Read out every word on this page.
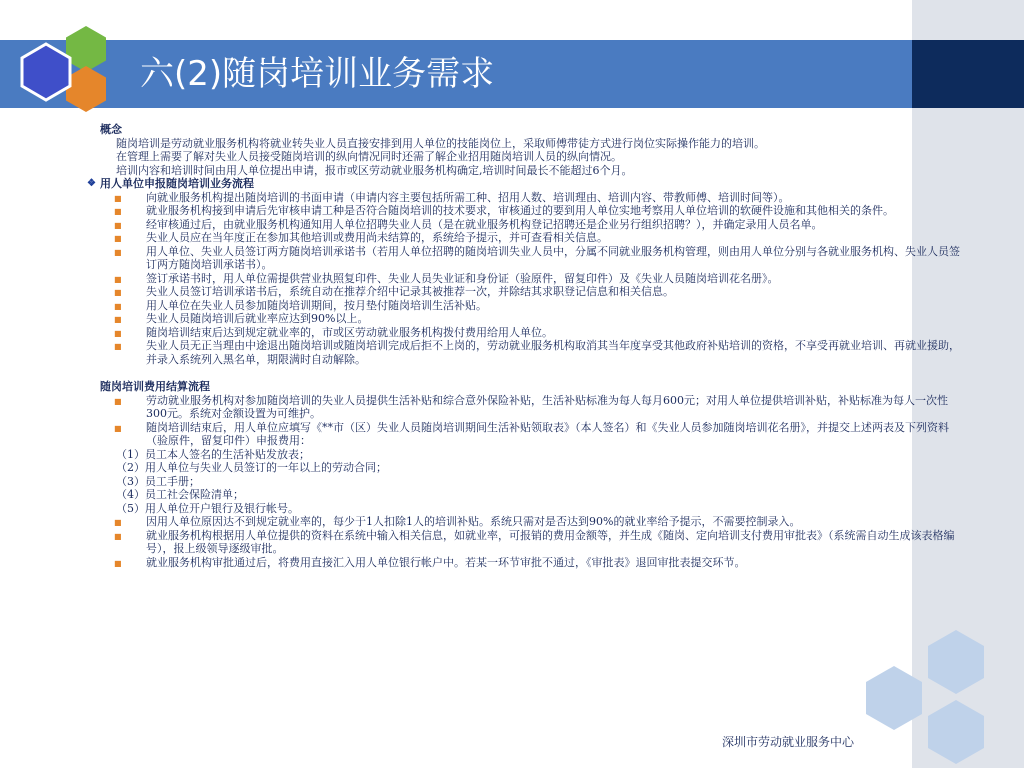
六(2)随岗培训业务需求
概念
随岗培训是劳动就业服务机构将就业转失业人员直接安排到用人单位的技能岗位上，采取师傅带徒方式进行岗位实际操作能力的培训。
在管理上需要了解对失业人员接受随岗培训的纵向情况同时还需了解企业招用随岗培训人员的纵向情况。
培训内容和培训时间由用人单位提出申请，报市或区劳动就业服务机构确定,培训时间最长不能超过6个月。
❖ 用人单位申报随岗培训业务流程
■ 向就业服务机构提出随岗培训的书面申请（申请内容主要包括所需工种、招用人数、培训理由、培训内容、带教师傅、培训时间等）。
■ 就业服务机构接到申请后先审核申请工种是否符合随岗培训的技术要求，审核通过的要到用人单位实地考察用人单位培训的软硬件设施和其他相关的条件。
■ 经审核通过后，由就业服务机构通知用人单位招聘失业人员（是在就业服务机构登记招聘还是企业另行组织招聘？），并确定录用人员名单。
■ 失业人员应在当年度正在参加其他培训或费用尚未结算的，系统给予提示，并可查看相关信息。
■ 用人单位、失业人员签订两方随岗培训承诺书（若用人单位招聘的随岗培训失业人员中，分属不同就业服务机构管理，则由用人单位分别与各就业服务机构、失业人员签订两方随岗培训承诺书）。
■ 签订承诺书时，用人单位需提供营业执照复印件、失业人员失业证和身份证（验原件，留复印件）及《失业人员随岗培训花名册》。
■ 失业人员签订培训承诺书后，系统自动在推荐介绍中记录其被推荐一次，并除结其求职登记信息和相关信息。
■ 用人单位在失业人员参加随岗培训期间，按月垫付随岗培训生活补贴。
■ 失业人员随岗培训后就业率应达到90%以上。
■ 随岗培训结束后达到规定就业率的，市或区劳动就业服务机构拨付费用给用人单位。
■ 失业人员无正当理由中途退出随岗培训或随岗培训完成后拒不上岗的，劳动就业服务机构取消其当年度享受其他政府补贴培训的资格，不享受再就业培训、再就业援助，并录入系统列入黑名单，期限满时自动解除。
随岗培训费用结算流程
■ 劳动就业服务机构对参加随岗培训的失业人员提供生活补贴和综合意外保险补贴，生活补贴标准为每人每月600元；对用人单位提供培训补贴，补贴标准为每人一次性300元。系统对金额设置为可维护。
■ 随岗培训结束后，用人单位应填写《**市（区）失业人员随岗培训期间生活补贴领取表》（本人签名）和《失业人员参加随岗培训花名册》，并提交上述两表及下列资料（验原件，留复印件）申报费用：
（1）员工本人签名的生活补贴发放表；
（2）用人单位与失业人员签订的一年以上的劳动合同；
（3）员工手册；
（4）员工社会保险清单；
（5）用人单位开户银行及银行帐号。
■ 因用人单位原因达不到规定就业率的，每少于1人扣除1人的培训补贴。系统只需对是否达到90%的就业率给予提示，不需要控制录入。
■ 就业服务机构根据用人单位提供的资料在系统中输入相关信息，如就业率，可报销的费用金额等，并生成《随岗、定向培训支付费用审批表》（系统需自动生成该表格编号），报上级领导逐级审批。
■ 就业服务机构审批通过后，将费用直接汇入用人单位银行帐户中。若某一环节审批不通过，《审批表》退回审批表提交环节。
深圳市劳动就业服务中心
